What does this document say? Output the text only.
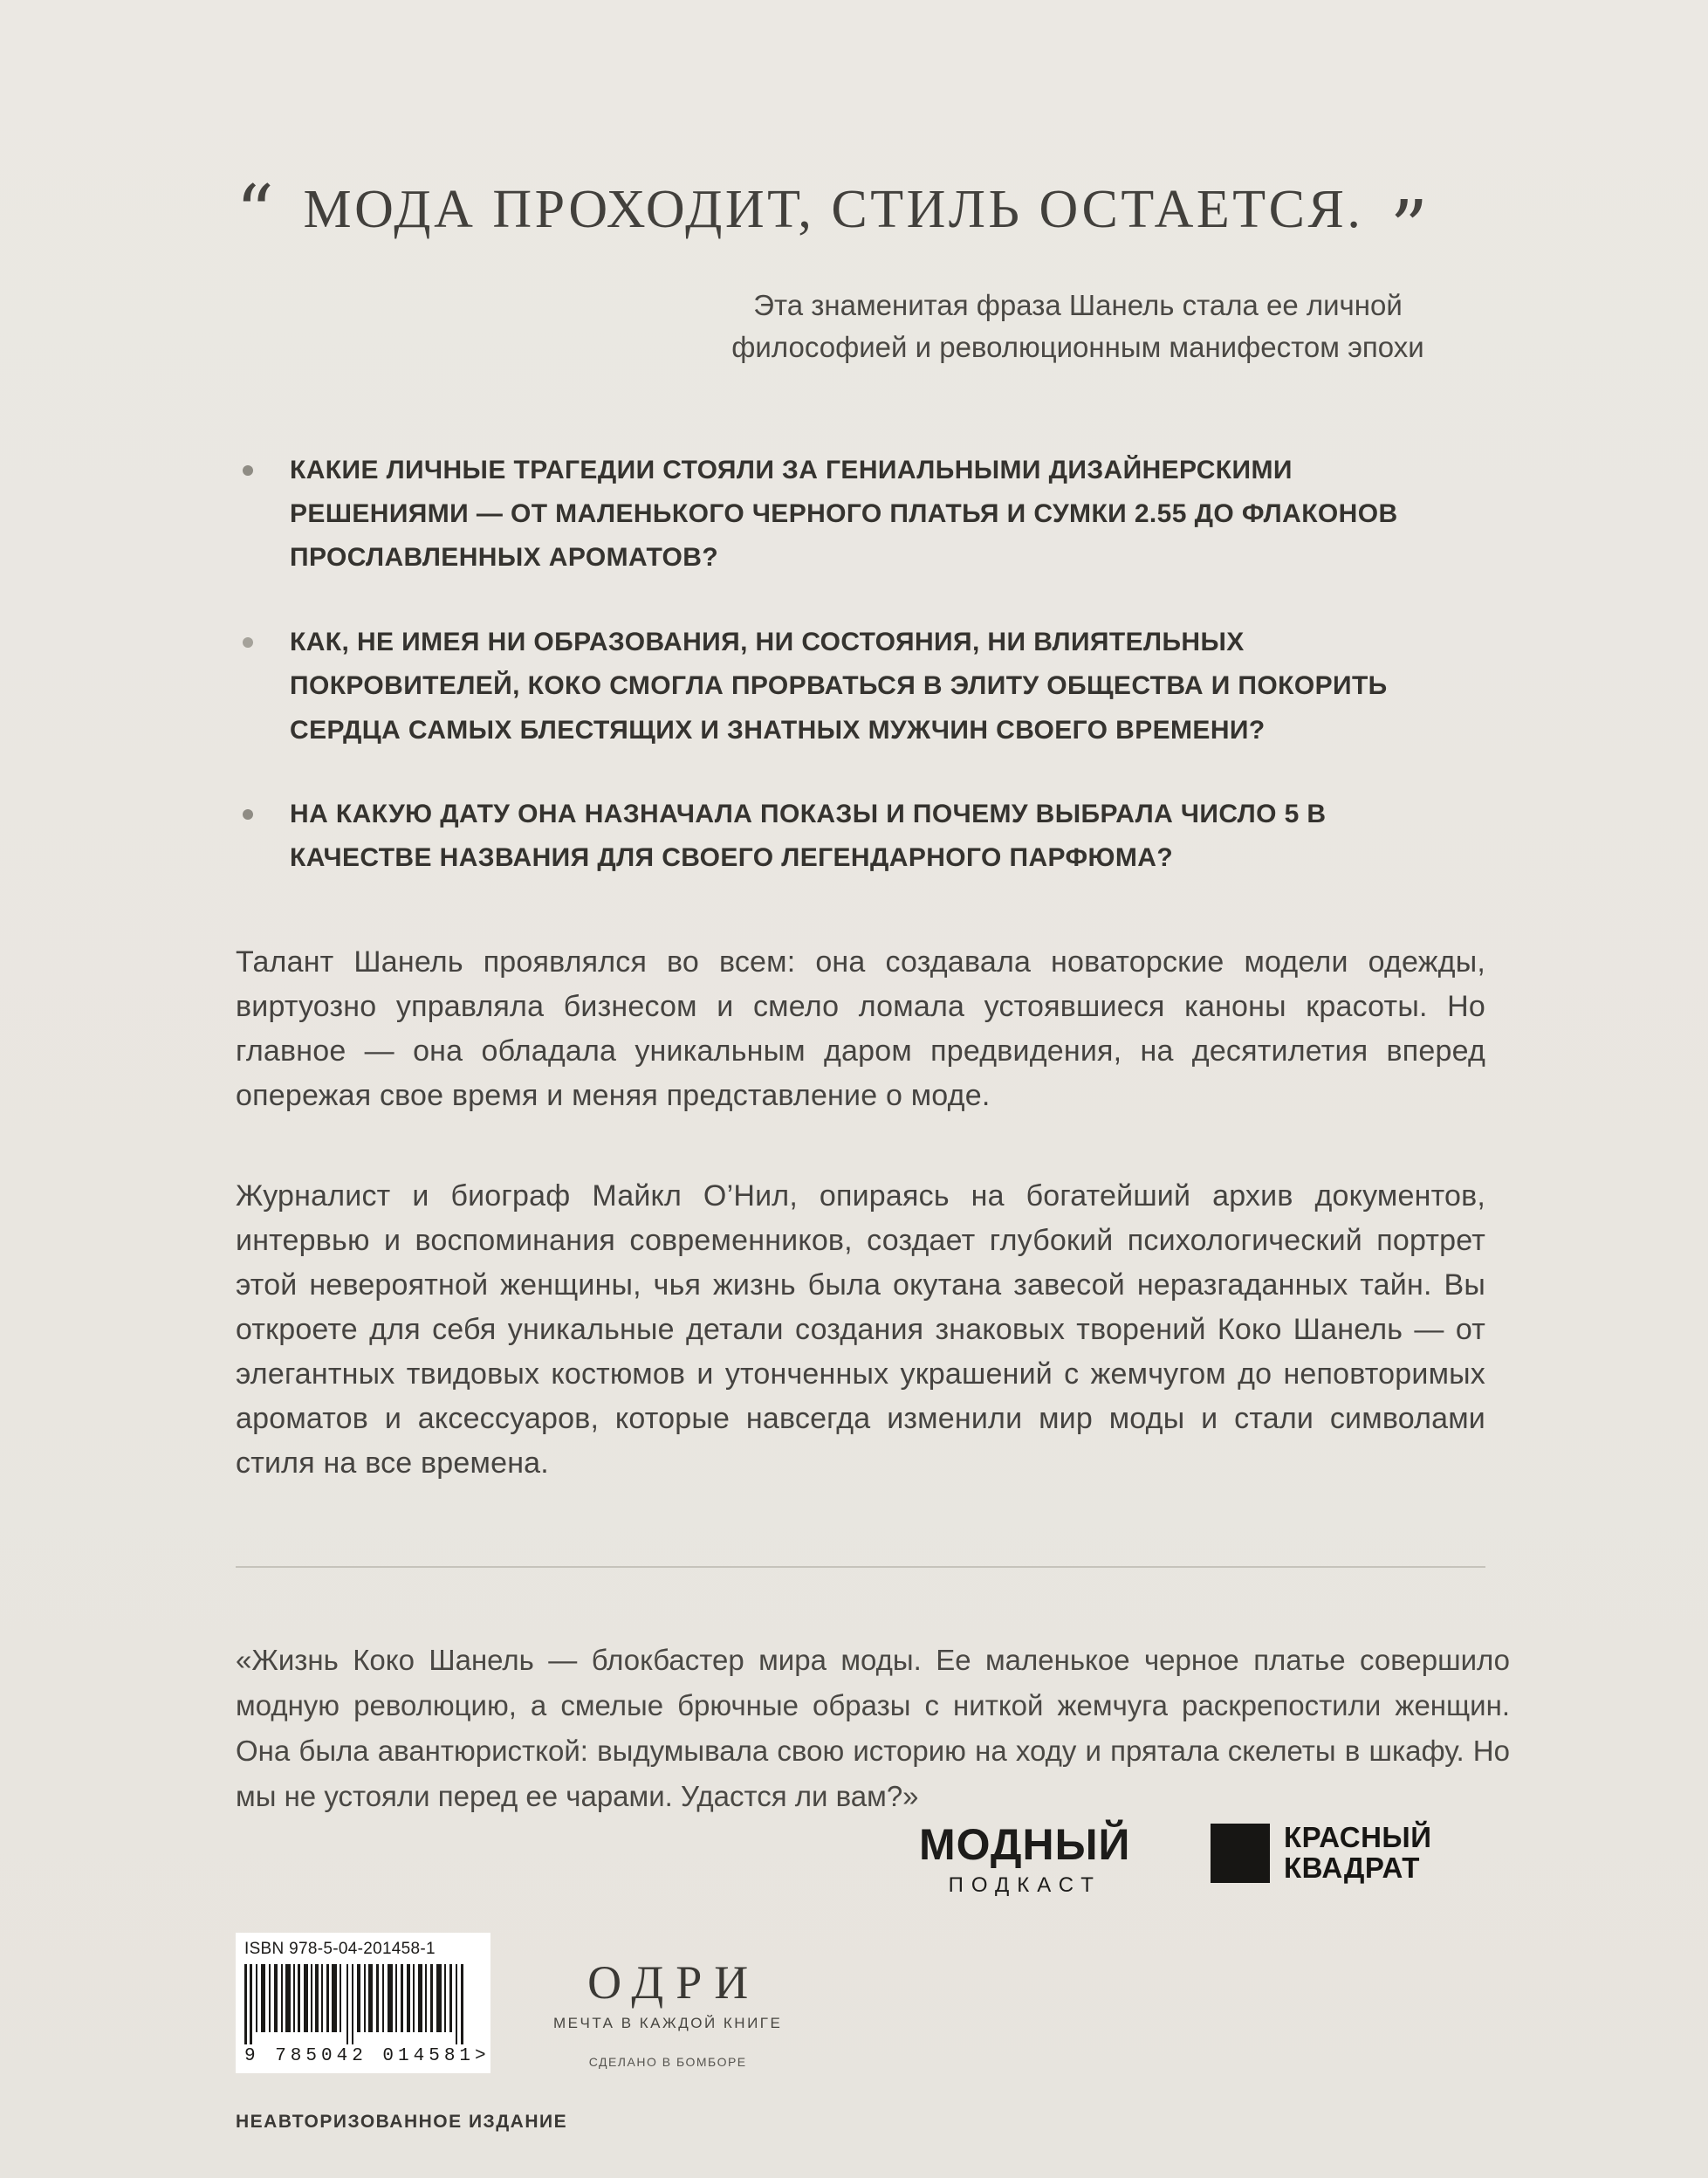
“ МОДА ПРОХОДИТ, СТИЛЬ ОСТАЕТСЯ. ”

Эта знаменитая фраза Шанель стала ее личной философией и революционным манифестом эпохи

КАКИЕ ЛИЧНЫЕ ТРАГЕДИИ СТОЯЛИ ЗА ГЕНИАЛЬНЫМИ ДИЗАЙНЕРСКИМИ РЕШЕНИЯМИ — ОТ МАЛЕНЬКОГО ЧЕРНОГО ПЛАТЬЯ И СУМКИ 2.55 ДО ФЛАКОНОВ ПРОСЛАВЛЕННЫХ АРОМАТОВ?
КАК, НЕ ИМЕЯ НИ ОБРАЗОВАНИЯ, НИ СОСТОЯНИЯ, НИ ВЛИЯТЕЛЬНЫХ ПОКРОВИТЕЛЕЙ, КОКО СМОГЛА ПРОРВАТЬСЯ В ЭЛИТУ ОБЩЕСТВА И ПОКОРИТЬ СЕРДЦА САМЫХ БЛЕСТЯЩИХ И ЗНАТНЫХ МУЖЧИН СВОЕГО ВРЕМЕНИ?
НА КАКУЮ ДАТУ ОНА НАЗНАЧАЛА ПОКАЗЫ И ПОЧЕМУ ВЫБРАЛА ЧИСЛО 5 В КАЧЕСТВЕ НАЗВАНИЯ ДЛЯ СВОЕГО ЛЕГЕНДАРНОГО ПАРФЮМА?

Талант Шанель проявлялся во всем: она создавала новаторские модели одежды, виртуозно управляла бизнесом и смело ломала устоявшиеся каноны красоты. Но главное — она обладала уникальным даром предвидения, на десятилетия вперед опережая свое время и меняя представление о моде.

Журналист и биограф Майкл О’Нил, опираясь на богатейший архив документов, интервью и воспоминания современников, создает глубокий психологический портрет этой невероятной женщины, чья жизнь была окутана завесой неразгаданных тайн. Вы откроете для себя уникальные детали создания знаковых творений Коко Шанель — от элегантных твидовых костюмов и утонченных украшений с жемчугом до неповторимых ароматов и аксессуаров, которые навсегда изменили мир моды и стали символами стиля на все времена.

«Жизнь Коко Шанель — блокбастер мира моды. Ее маленькое черное платье совершило модную революцию, а смелые брючные образы с ниткой жемчуга раскрепостили женщин. Она была авантюристкой: выдумывала свою историю на ходу и прятала скелеты в шкафу. Но мы не устояли перед ее чарами. Удастся ли вам?»

МОДНЫЙ
ПОДКАСТ
КРАСНЫЙ
КВАДРАТ
ISBN 978-5-04-201458-1
9 785042 014581 >
ОДРИ
МЕЧТА В КАЖДОЙ КНИГЕ
СДЕЛАНО В БОМБОРЕ
НЕАВТОРИЗОВАННОЕ ИЗДАНИЕ
